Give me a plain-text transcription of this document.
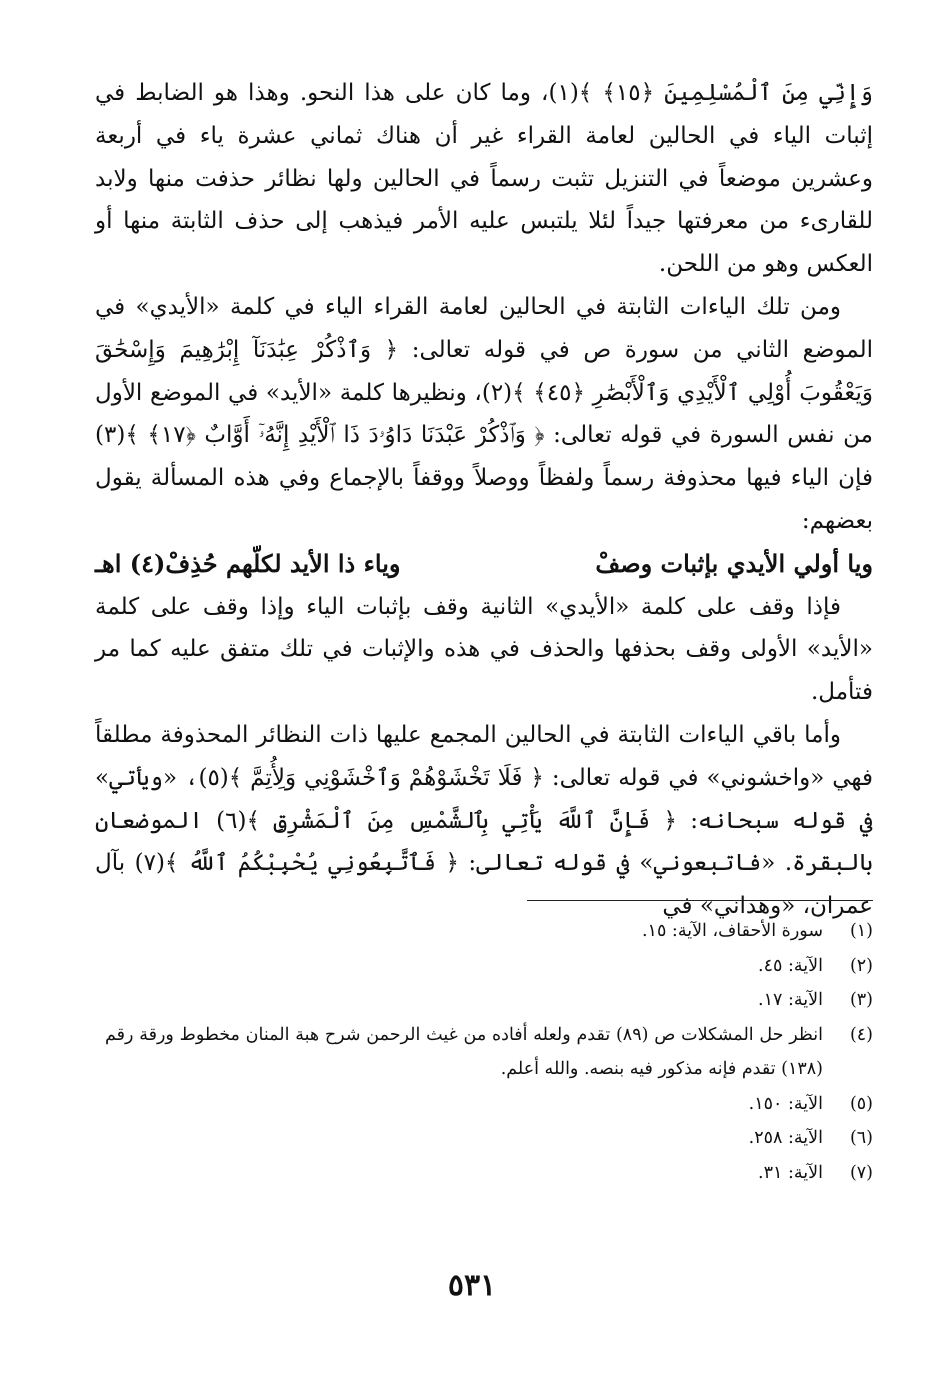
وَإِنِّي مِنَ ٱلْمُسْلِمِينَ ﴿١٥﴾ ﴾(١)، وما كان على هذا النحو. وهذا هو الضابط في إثبات الياء في الحالين لعامة القراء غير أن هناك ثماني عشرة ياء في أربعة وعشرين موضعاً في التنزيل تثبت رسماً في الحالين ولها نظائر حذفت منها ولابد للقارىء من معرفتها جيداً لئلا يلتبس عليه الأمر فيذهب إلى حذف الثابتة منها أو العكس وهو من اللحن.

ومن تلك الياءات الثابتة في الحالين لعامة القراء الياء في كلمة «الأيدي» في الموضع الثاني من سورة ص في قوله تعالى: ﴿ وَٱذْكُرْ عِبَٰدَنَآ إِبْرَٰهِيمَ وَإِسْحَٰقَ وَيَعْقُوبَ أُوْلِي ٱلْأَيْدِي وَٱلْأَبْصَٰرِ ﴿٤٥﴾ ﴾(٢)، ونظيرها كلمة «الأيد» في الموضع الأول من نفس السورة في قوله تعالى: ﴿ وَٱذْكُرْ عَبْدَنَا دَاوُۥدَ ذَا ٱلْأَيْدِ إِنَّهُۥٓ أَوَّابٌ ﴿١٧﴾ ﴾(٣) فإن الياء فيها محذوفة رسماً ولفظاً ووصلاً ووقفاً بالإجماع وفي هذه المسألة يقول بعضهم:

ويا أولي الأيدي بإثبات وصفْ
وياء ذا الأيد لكلّهم حُذِفْ(٤) اهـ

فإذا وقف على كلمة «الأيدي» الثانية وقف بإثبات الياء وإذا وقف على كلمة «الأيد» الأولى وقف بحذفها والحذف في هذه والإثبات في تلك متفق عليه كما مر فتأمل.

وأما باقي الياءات الثابتة في الحالين المجمع عليها ذات النظائر المحذوفة مطلقاً فهي «واخشوني» في قوله تعالى: ﴿ فَلَا تَخْشَوْهُمْ وَٱخْشَوْنِي وَلِأُتِمَّ ﴾(٥)، «ويأتي» في قوله سبحانه: ﴿ فَإِنَّ ٱللَّهَ يَأْتِي بِٱلشَّمْسِ مِنَ ٱلْمَشْرِقِ ﴾(٦) الموضعان بالبقرة. «فاتبعوني» في قوله تعالى: ﴿ فَٱتَّبِعُونِي يُحْبِبْكُمُ ٱللَّهُ ﴾(٧) بآل عمران، «وهداني» في

(١)
سورة الأحقاف، الآية: ١٥.
(٢)
الآية: ٤٥.
(٣)
الآية: ١٧.
(٤)
انظر حل المشكلات ص (٨٩) تقدم ولعله أفاده من غيث الرحمن شرح هبة المنان مخطوط ورقة رقم (١٣٨) تقدم فإنه مذكور فيه بنصه. والله أعلم.
(٥)
الآية: ١٥٠.
(٦)
الآية: ٢٥٨.
(٧)
الآية: ٣١.
٥٣١
